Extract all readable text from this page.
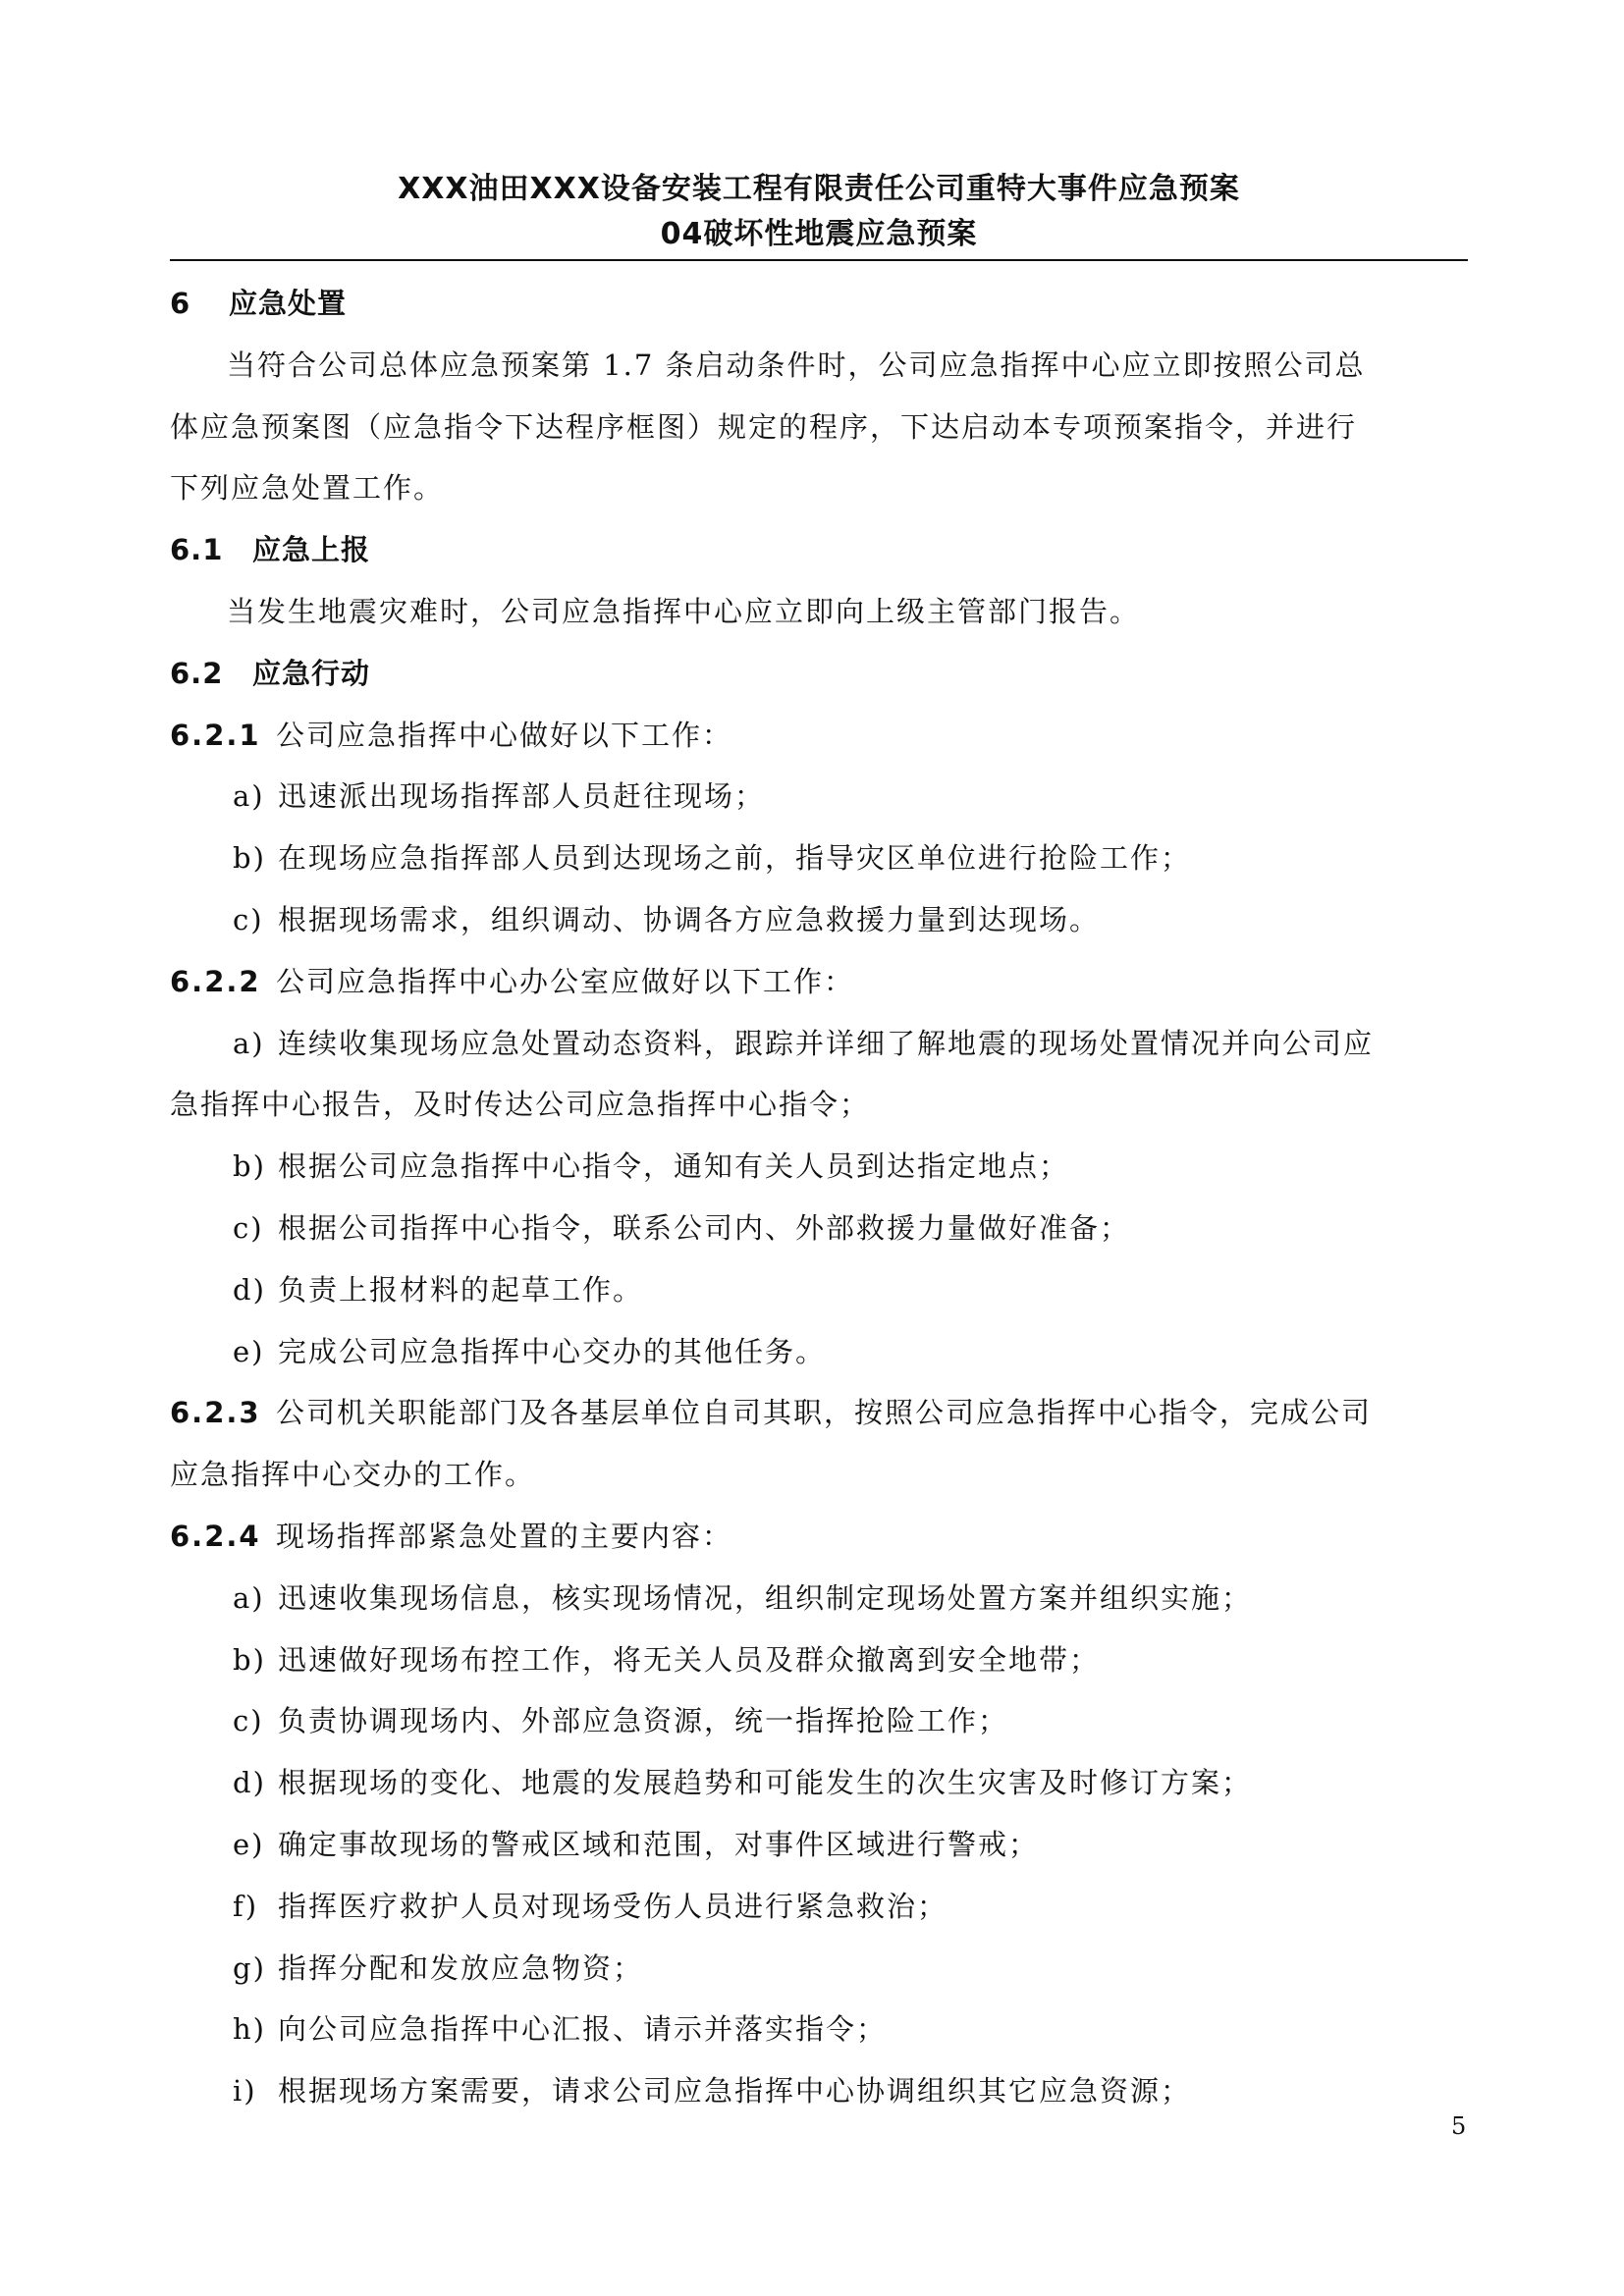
XXX油田XXX设备安装工程有限责任公司重特大事件应急预案
04破坏性地震应急预案
6 应急处置
当符合公司总体应急预案第 1.7 条启动条件时，公司应急指挥中心应立即按照公司总
体应急预案图（应急指令下达程序框图）规定的程序，下达启动本专项预案指令，并进行
下列应急处置工作。
6.1 应急上报
当发生地震灾难时，公司应急指挥中心应立即向上级主管部门报告。
6.2 应急行动
6.2.1 公司应急指挥中心做好以下工作：
a) 迅速派出现场指挥部人员赶往现场；
b) 在现场应急指挥部人员到达现场之前，指导灾区单位进行抢险工作；
c) 根据现场需求，组织调动、协调各方应急救援力量到达现场。
6.2.2 公司应急指挥中心办公室应做好以下工作：
a) 连续收集现场应急处置动态资料，跟踪并详细了解地震的现场处置情况并向公司应
急指挥中心报告，及时传达公司应急指挥中心指令；
b) 根据公司应急指挥中心指令，通知有关人员到达指定地点；
c) 根据公司指挥中心指令，联系公司内、外部救援力量做好准备；
d) 负责上报材料的起草工作。
e) 完成公司应急指挥中心交办的其他任务。
6.2.3 公司机关职能部门及各基层单位自司其职，按照公司应急指挥中心指令，完成公司
应急指挥中心交办的工作。
6.2.4 现场指挥部紧急处置的主要内容：
a) 迅速收集现场信息，核实现场情况，组织制定现场处置方案并组织实施；
b) 迅速做好现场布控工作，将无关人员及群众撤离到安全地带；
c) 负责协调现场内、外部应急资源，统一指挥抢险工作；
d) 根据现场的变化、地震的发展趋势和可能发生的次生灾害及时修订方案；
e) 确定事故现场的警戒区域和范围，对事件区域进行警戒；
f) 指挥医疗救护人员对现场受伤人员进行紧急救治；
g) 指挥分配和发放应急物资；
h) 向公司应急指挥中心汇报、请示并落实指令；
i) 根据现场方案需要，请求公司应急指挥中心协调组织其它应急资源；
5
